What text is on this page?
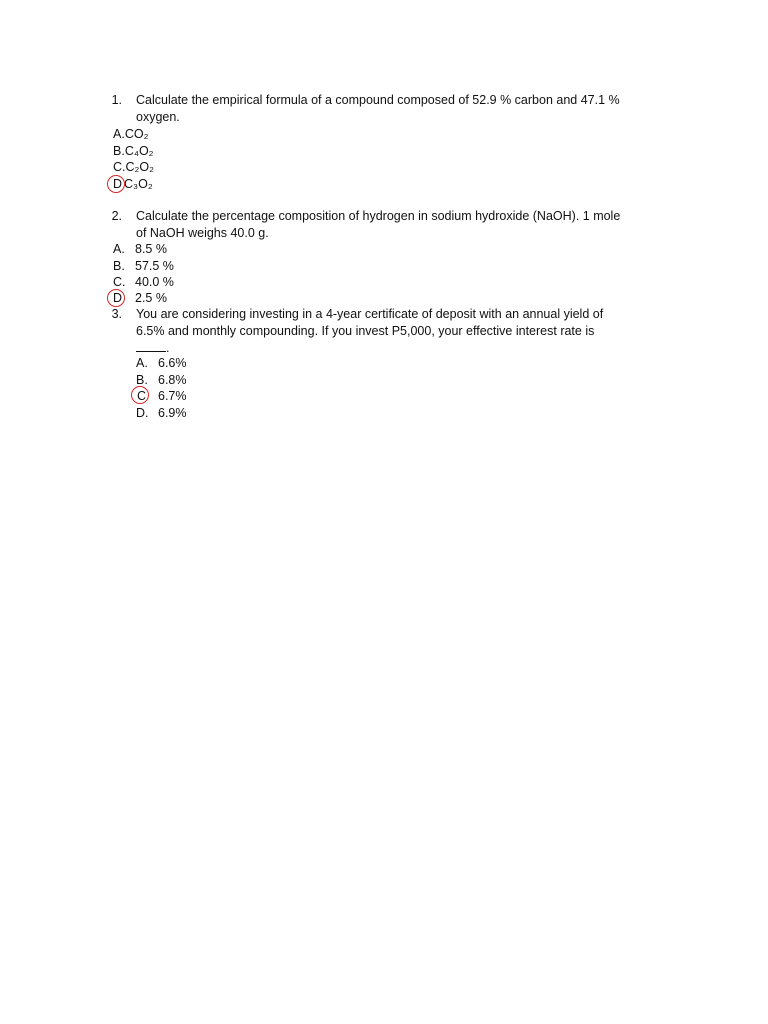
1. Calculate the empirical formula of a compound composed of 52.9 % carbon and 47.1 %
oxygen.
A.CO₂
B.C₄O₂
C.C₂O₂
D C₃O₂
2. Calculate the percentage composition of hydrogen in sodium hydroxide (NaOH). 1 mole
of NaOH weighs 40.0 g.
A. 8.5 %
B. 57.5 %
C. 40.0 %
D 2.5 %
3. You are considering investing in a 4-year certificate of deposit with an annual yield of
6.5% and monthly compounding. If you invest P5,000, your effective interest rate is
.
A. 6.6%
B. 6.8%
C 6.7%
D. 6.9%
